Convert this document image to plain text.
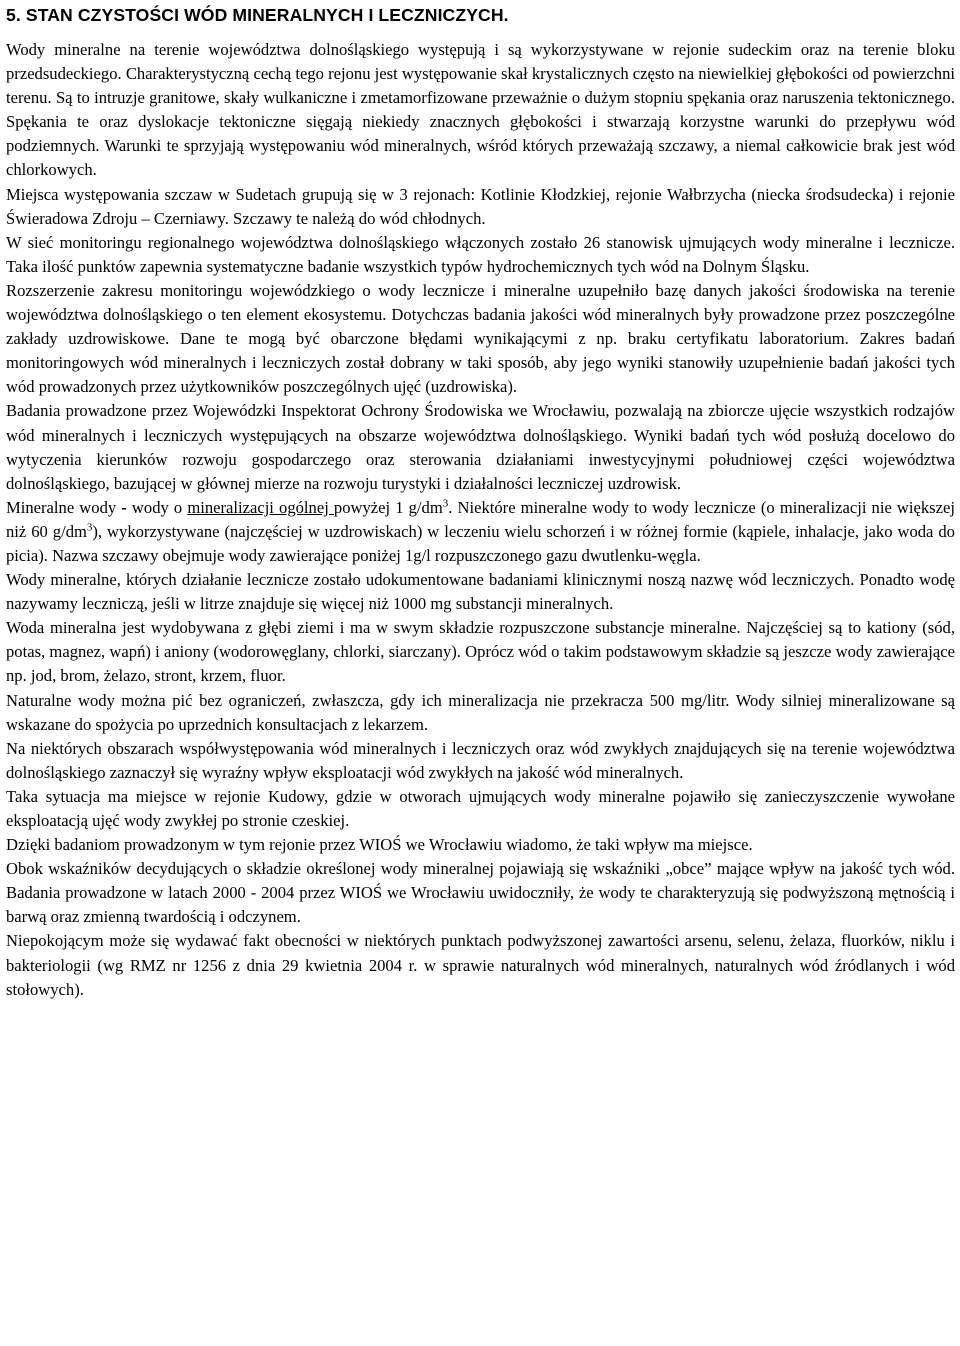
5. STAN CZYSTOŚCI WÓD MINERALNYCH I LECZNICZYCH.

Wody mineralne na terenie województwa dolnośląskiego występują i są wykorzystywane w rejonie sudeckim oraz na terenie bloku przedsudeckiego. Charakterystyczną cechą tego rejonu jest występowanie skał krystalicznych często na niewielkiej głębokości od powierzchni terenu. Są to intruzje granitowe, skały wulkaniczne i zmetamorfizowane przeważnie o dużym stopniu spękania oraz naruszenia tektonicznego. Spękania te oraz dyslokacje tektoniczne sięgają niekiedy znacznych głębokości i stwarzają korzystne warunki do przepływu wód podziemnych. Warunki te sprzyjają występowaniu wód mineralnych, wśród których przeważają szczawy, a niemal całkowicie brak jest wód chlorkowych.

Miejsca występowania szczaw w Sudetach grupują się w 3 rejonach: Kotlinie Kłodzkiej, rejonie Wałbrzycha (niecka środsudecka) i rejonie Świeradowa Zdroju – Czerniawy. Szczawy te należą do wód chłodnych.

W sieć monitoringu regionalnego województwa dolnośląskiego włączonych zostało 26 stanowisk ujmujących wody mineralne i lecznicze. Taka ilość punktów zapewnia systematyczne badanie wszystkich typów hydrochemicznych tych wód na Dolnym Śląsku.

Rozszerzenie zakresu monitoringu wojewódzkiego o wody lecznicze i mineralne uzupełniło bazę danych jakości środowiska na terenie województwa dolnośląskiego o ten element ekosystemu. Dotychczas badania jakości wód mineralnych były prowadzone przez poszczególne zakłady uzdrowiskowe. Dane te mogą być obarczone błędami wynikającymi z np. braku certyfikatu laboratorium. Zakres badań monitoringowych wód mineralnych i leczniczych został dobrany w taki sposób, aby jego wyniki stanowiły uzupełnienie badań jakości tych wód prowadzonych przez użytkowników poszczególnych ujęć (uzdrowiska).

Badania prowadzone przez Wojewódzki Inspektorat Ochrony Środowiska we Wrocławiu, pozwalają na zbiorcze ujęcie wszystkich rodzajów wód mineralnych i leczniczych występujących na obszarze województwa dolnośląskiego. Wyniki badań tych wód posłużą docelowo do wytyczenia kierunków rozwoju gospodarczego oraz sterowania działaniami inwestycyjnymi południowej części województwa dolnośląskiego, bazującej w głównej mierze na rozwoju turystyki i działalności leczniczej uzdrowisk.

Mineralne wody - wody o mineralizacji ogólnej powyżej 1 $g/dm^3$. Niektóre mineralne wody to wody lecznicze (o mineralizacji nie większej niż 60 $g/dm^3$), wykorzystywane (najczęściej w uzdrowiskach) w leczeniu wielu schorzeń i w różnej formie (kąpiele, inhalacje, jako woda do picia). Nazwa szczawy obejmuje wody zawierające poniżej 1g/l rozpuszczonego gazu dwutlenku-węgla.

Wody mineralne, których działanie lecznicze zostało udokumentowane badaniami klinicznymi noszą nazwę wód leczniczych. Ponadto wodę nazywamy leczniczą, jeśli w litrze znajduje się więcej niż 1000 mg substancji mineralnych.

Woda mineralna jest wydobywana z głębi ziemi i ma w swym składzie rozpuszczone substancje mineralne. Najczęściej są to kationy (sód, potas, magnez, wapń) i aniony (wodorowęglany, chlorki, siarczany). Oprócz wód o takim podstawowym składzie są jeszcze wody zawierające np. jod, brom, żelazo, stront, krzem, fluor.

Naturalne wody można pić bez ograniczeń, zwłaszcza, gdy ich mineralizacja nie przekracza 500 mg/litr. Wody silniej mineralizowane są wskazane do spożycia po uprzednich konsultacjach z lekarzem.

Na niektórych obszarach współwystępowania wód mineralnych i leczniczych oraz wód zwykłych znajdujących się na terenie województwa dolnośląskiego zaznaczył się wyraźny wpływ eksploatacji wód zwykłych na jakość wód mineralnych.

Taka sytuacja ma miejsce w rejonie Kudowy, gdzie w otworach ujmujących wody mineralne pojawiło się zanieczyszczenie wywołane eksploatacją ujęć wody zwykłej po stronie czeskiej.

Dzięki badaniom prowadzonym w tym rejonie przez WIOŚ we Wrocławiu wiadomo, że taki wpływ ma miejsce.

Obok wskaźników decydujących o składzie określonej wody mineralnej pojawiają się wskaźniki „obce” mające wpływ na jakość tych wód. Badania prowadzone w latach 2000 - 2004 przez WIOŚ we Wrocławiu uwidoczniły, że wody te charakteryzują się podwyższoną mętnością i barwą oraz zmienną twardością i odczynem.

Niepokojącym może się wydawać fakt obecności w niektórych punktach podwyższonej zawartości arsenu, selenu, żelaza, fluorków, niklu i bakteriologii (wg RMZ nr 1256 z dnia 29 kwietnia 2004 r. w sprawie naturalnych wód mineralnych, naturalnych wód źródlanych i wód stołowych).
